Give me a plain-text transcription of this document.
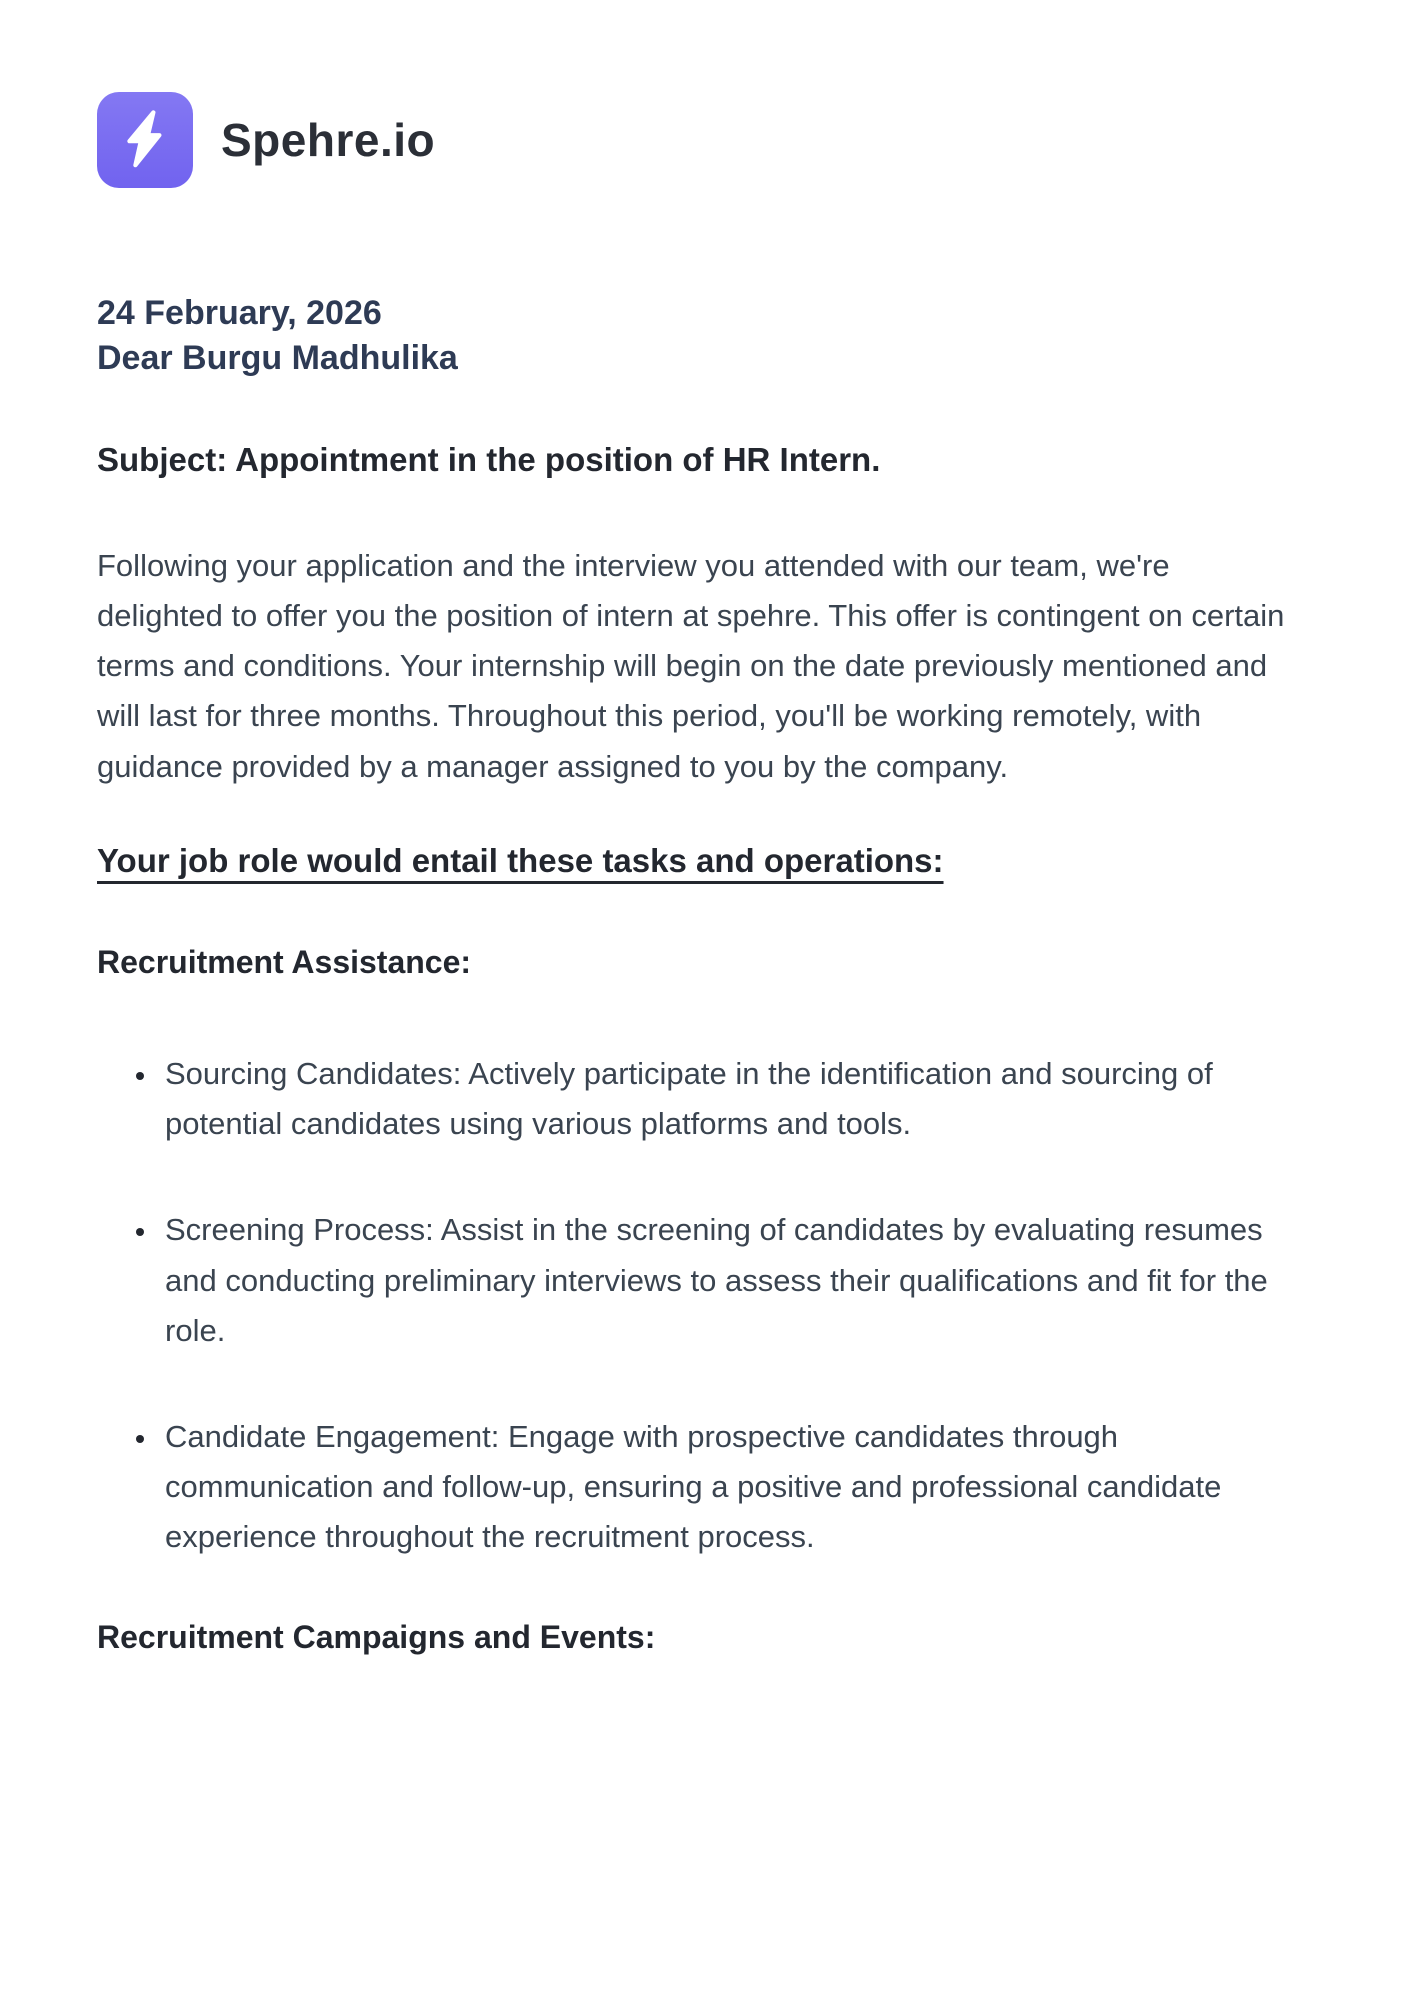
Spehre.io
24 February, 2026
Dear Burgu Madhulika
Subject: Appointment in the position of HR Intern.

Following your application and the interview you attended with our team, we're delighted to offer you the position of intern at spehre. This offer is contingent on certain terms and conditions. Your internship will begin on the date previously mentioned and will last for three months. Throughout this period, you'll be working remotely, with guidance provided by a manager assigned to you by the company.

Your job role would entail these tasks and operations:
Recruitment Assistance:
• Sourcing Candidates: Actively participate in the identification and sourcing of potential candidates using various platforms and tools.
• Screening Process: Assist in the screening of candidates by evaluating resumes and conducting preliminary interviews to assess their qualifications and fit for the role.
• Candidate Engagement: Engage with prospective candidates through communication and follow-up, ensuring a positive and professional candidate experience throughout the recruitment process.
Recruitment Campaigns and Events:
